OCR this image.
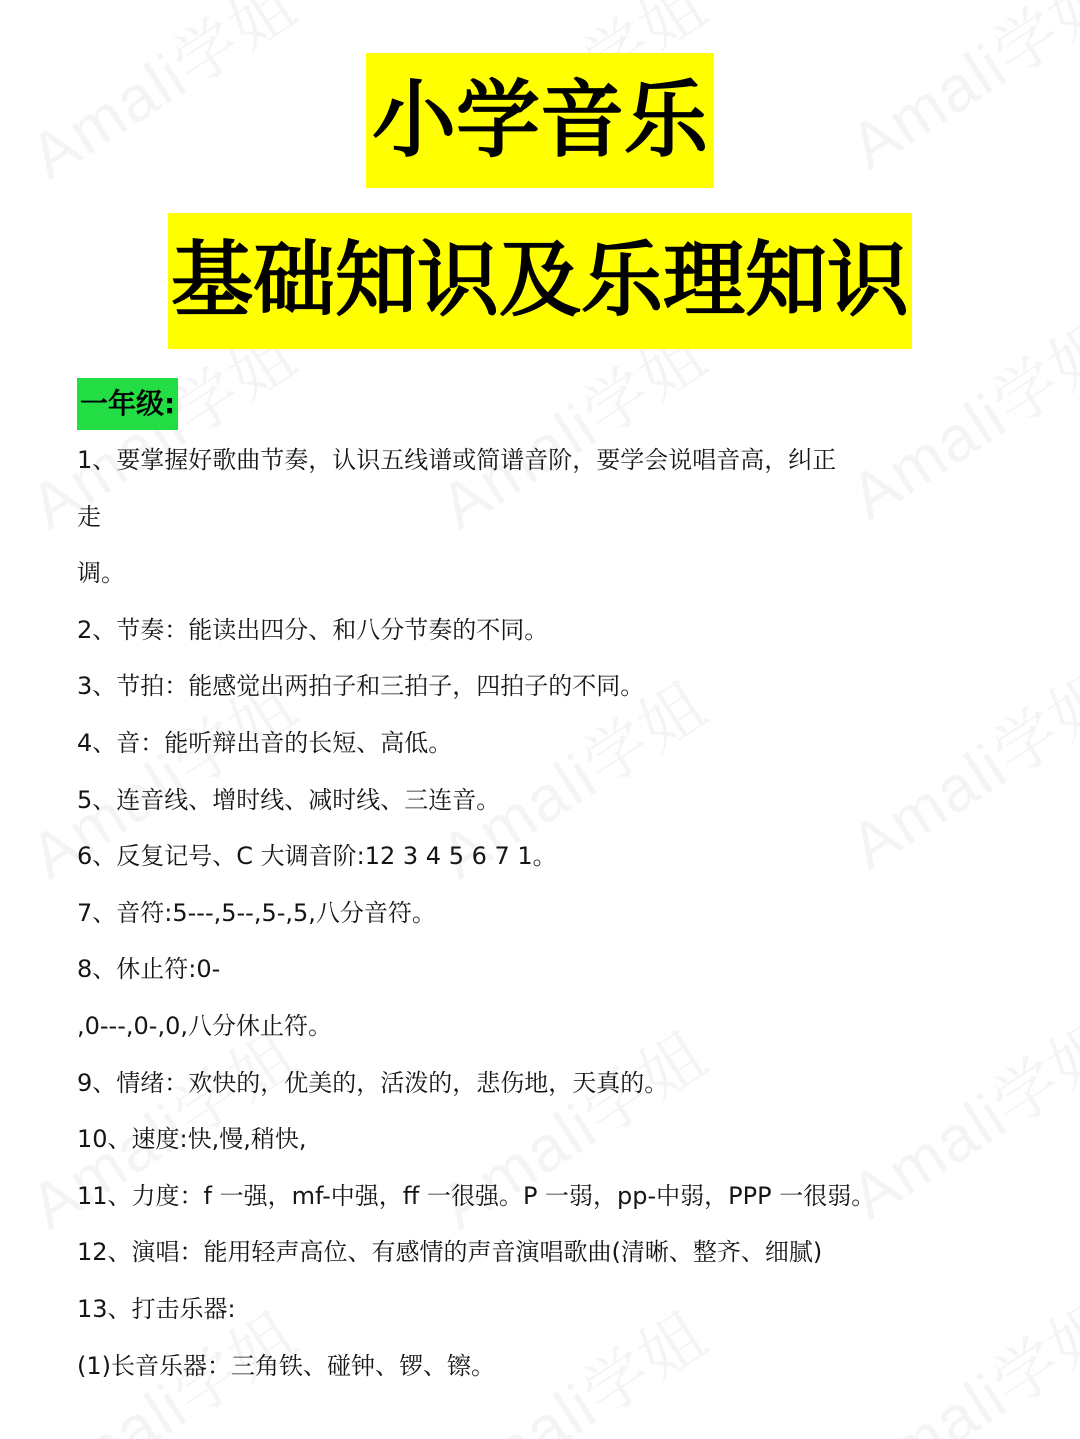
小学音乐
基础知识及乐理知识
一年级:
1、要掌握好歌曲节奏，认识五线谱或简谱音阶，要学会说唱音高，纠正
走
调。
2、节奏：能读出四分、和八分节奏的不同。
3、节拍：能感觉出两拍子和三拍子，四拍子的不同。
4、音：能听辩出音的长短、高低。
5、连音线、增时线、减时线、三连音。
6、反复记号、C 大调音阶:12 3 4 5 6 7 1。
7、音符:5---,5--,5-,5,八分音符。
8、休止符:0-
,0---,0-,0,八分休止符。
9、情绪：欢快的，优美的，活泼的，悲伤地，天真的。
10、速度:快,慢,稍快,
11、力度：f 一强，mf-中强，ff 一很强。P 一弱，pp-中弱，PPP 一很弱。
12、演唱：能用轻声高位、有感情的声音演唱歌曲(清晰、整齐、细腻)
13、打击乐器:
(1)长音乐器：三角铁、碰钟、锣、镲。
